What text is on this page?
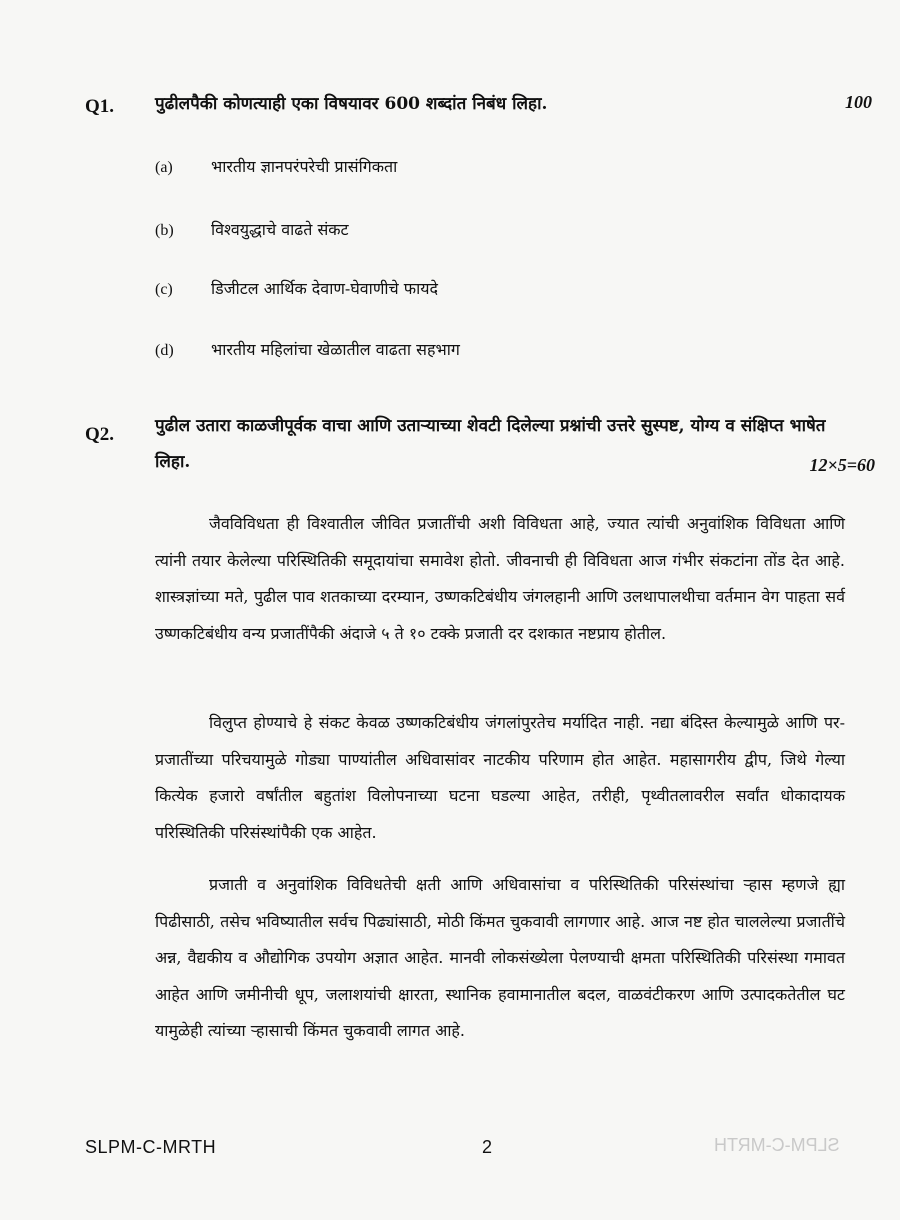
Q1. पुढीलपैकी कोणत्याही एका विषयावर 600 शब्दांत निबंध लिहा.	100
(a)	भारतीय ज्ञानपरंपरेची प्रासंगिकता
(b)	विश्वयुद्धाचे वाढते संकट
(c)	डिजीटल आर्थिक देवाण-घेवाणीचे फायदे
(d)	भारतीय महिलांचा खेळातील वाढता सहभाग
Q2. पुढील उतारा काळजीपूर्वक वाचा आणि उताऱ्याच्या शेवटी दिलेल्या प्रश्नांची उत्तरे सुस्पष्ट, योग्य व संक्षिप्त भाषेत लिहा.	12×5=60
जैवविविधता ही विश्वातील जीवित प्रजातींची अशी विविधता आहे, ज्यात त्यांची अनुवांशिक विविधता आणि त्यांनी तयार केलेल्या परिस्थितिकी समूदायांचा समावेश होतो. जीवनाची ही विविधता आज गंभीर संकटांना तोंड देत आहे. शास्त्रज्ञांच्या मते, पुढील पाव शतकाच्या दरम्यान, उष्णकटिबंधीय जंगलहानी आणि उलथापालथीचा वर्तमान वेग पाहता सर्व उष्णकटिबंधीय वन्य प्रजातींपैकी अंदाजे ५ ते १० टक्के प्रजाती दर दशकात नष्टप्राय होतील.
विलुप्त होण्याचे हे संकट केवळ उष्णकटिबंधीय जंगलांपुरतेच मर्यादित नाही. नद्या बंदिस्त केल्यामुळे आणि पर-प्रजातींच्या परिचयामुळे गोड्या पाण्यांतील अधिवासांवर नाटकीय परिणाम होत आहेत. महासागरीय द्वीप, जिथे गेल्या कित्येक हजारो वर्षांतील बहुतांश विलोपनाच्या घटना घडल्या आहेत, तरीही, पृथ्वीतलावरील सर्वांत धोकादायक परिस्थितिकी परिसंस्थांपैकी एक आहेत.
प्रजाती व अनुवांशिक विविधतेची क्षती आणि अधिवासांचा व परिस्थितिकी परिसंस्थांचा ऱ्हास म्हणजे ह्या पिढीसाठी, तसेच भविष्यातील सर्वच पिढ्यांसाठी, मोठी किंमत चुकवावी लागणार आहे. आज नष्ट होत चाललेल्या प्रजातींचे अन्न, वैद्यकीय व औद्योगिक उपयोग अज्ञात आहेत. मानवी लोकसंख्येला पेलण्याची क्षमता परिस्थितिकी परिसंस्था गमावत आहेत आणि जमीनीची धूप, जलाशयांची क्षारता, स्थानिक हवामानातील बदल, वाळवंटीकरण आणि उत्पादकतेतील घट यामुळेही त्यांच्या ऱ्हासाची किंमत चुकवावी लागत आहे.
SLPM-C-MRTH	2	SLPM-C-MRTH
